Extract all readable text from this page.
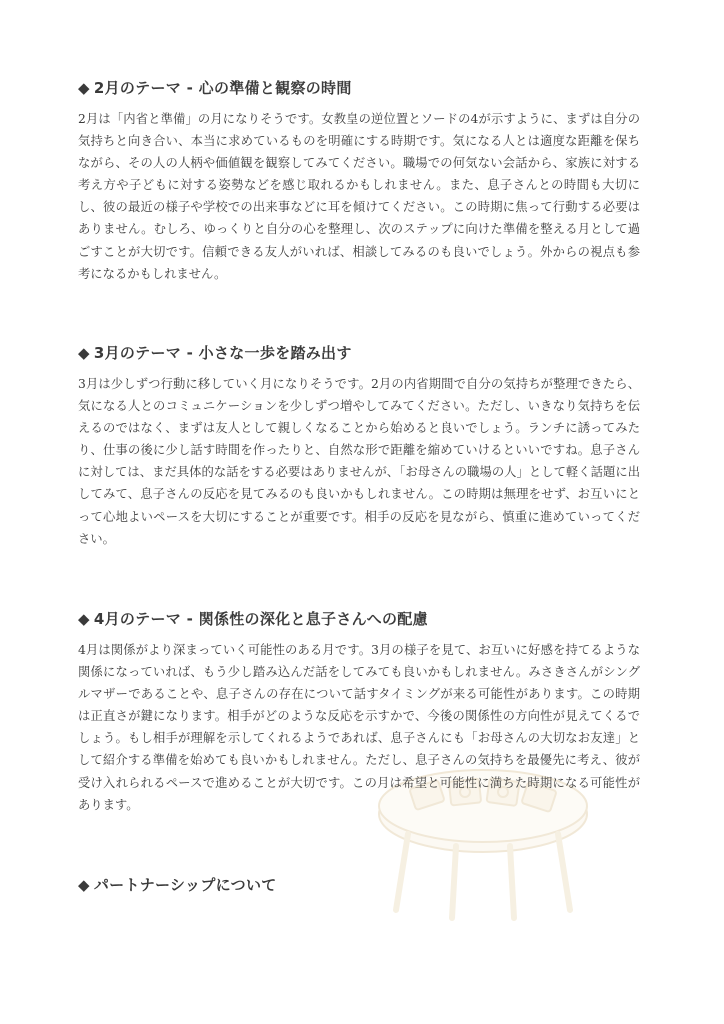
◆ 2月のテーマ - 心の準備と観察の時間

2月は「内省と準備」の月になりそうです。女教皇の逆位置とソードの4が示すように、まずは自分の気持ちと向き合い、本当に求めているものを明確にする時期です。気になる人とは適度な距離を保ちながら、その人の人柄や価値観を観察してみてください。職場での何気ない会話から、家族に対する考え方や子どもに対する姿勢などを感じ取れるかもしれません。また、息子さんとの時間も大切にし、彼の最近の様子や学校での出来事などに耳を傾けてください。この時期に焦って行動する必要はありません。むしろ、ゆっくりと自分の心を整理し、次のステップに向けた準備を整える月として過ごすことが大切です。信頼できる友人がいれば、相談してみるのも良いでしょう。外からの視点も参考になるかもしれません。

◆ 3月のテーマ - 小さな一歩を踏み出す

3月は少しずつ行動に移していく月になりそうです。2月の内省期間で自分の気持ちが整理できたら、気になる人とのコミュニケーションを少しずつ増やしてみてください。ただし、いきなり気持ちを伝えるのではなく、まずは友人として親しくなることから始めると良いでしょう。ランチに誘ってみたり、仕事の後に少し話す時間を作ったりと、自然な形で距離を縮めていけるといいですね。息子さんに対しては、まだ具体的な話をする必要はありませんが、「お母さんの職場の人」として軽く話題に出してみて、息子さんの反応を見てみるのも良いかもしれません。この時期は無理をせず、お互いにとって心地よいペースを大切にすることが重要です。相手の反応を見ながら、慎重に進めていってください。

◆ 4月のテーマ - 関係性の深化と息子さんへの配慮

4月は関係がより深まっていく可能性のある月です。3月の様子を見て、お互いに好感を持てるような関係になっていれば、もう少し踏み込んだ話をしてみても良いかもしれません。みさきさんがシングルマザーであることや、息子さんの存在について話すタイミングが来る可能性があります。この時期は正直さが鍵になります。相手がどのような反応を示すかで、今後の関係性の方向性が見えてくるでしょう。もし相手が理解を示してくれるようであれば、息子さんにも「お母さんの大切なお友達」として紹介する準備を始めても良いかもしれません。ただし、息子さんの気持ちを最優先に考え、彼が受け入れられるペースで進めることが大切です。この月は希望と可能性に満ちた時期になる可能性があります。

◆ パートナーシップについて
